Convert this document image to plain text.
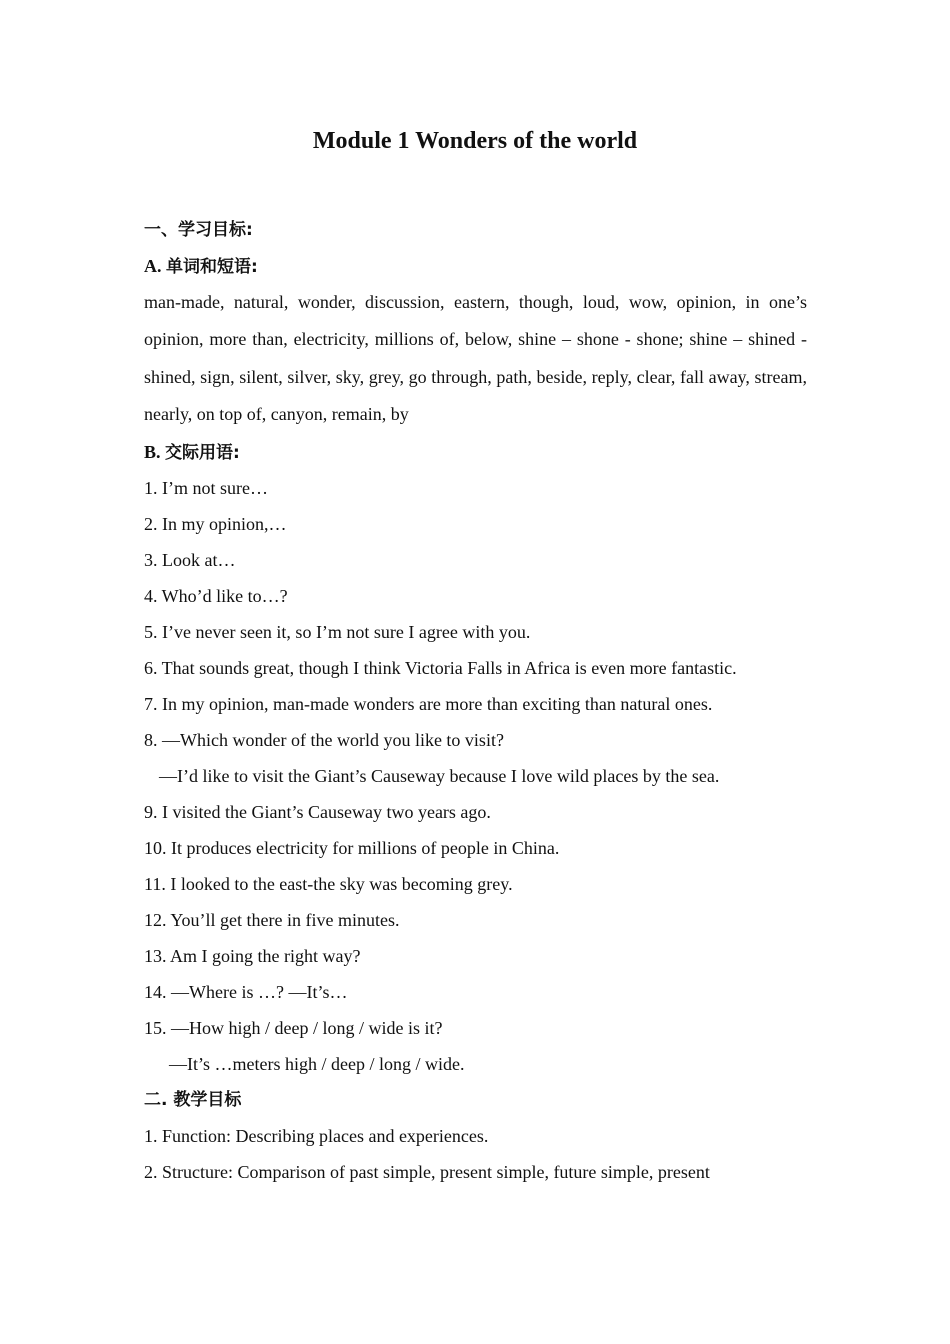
Module 1 Wonders of the world
一、学习目标:
A. 单词和短语:

man-made, natural, wonder, discussion, eastern, though, loud, wow, opinion, in one’s opinion, more than, electricity, millions of, below, shine – shone - shone; shine – shined - shined, sign, silent, silver, sky, grey, go through, path, beside, reply, clear, fall away, stream, nearly, on top of, canyon, remain, by

B. 交际用语:
1. I’m not sure…
2. In my opinion,…
3. Look at…
4. Who’d like to…?
5. I’ve never seen it, so I’m not sure I agree with you.
6. That sounds great, though I think Victoria Falls in Africa is even more fantastic.
7. In my opinion, man-made wonders are more than exciting than natural ones.
8. —Which wonder of the world you like to visit?
—I’d like to visit the Giant’s Causeway because I love wild places by the sea.
9. I visited the Giant’s Causeway two years ago.
10. It produces electricity for millions of people in China.
11. I looked to the east-the sky was becoming grey.
12. You’ll get there in five minutes.
13. Am I going the right way?
14. —Where is …? —It’s…
15. —How high / deep / long / wide is it?
—It’s …meters high / deep / long / wide.
二. 教学目标
1. Function: Describing places and experiences.
2. Structure: Comparison of past simple, present simple, future simple, present
